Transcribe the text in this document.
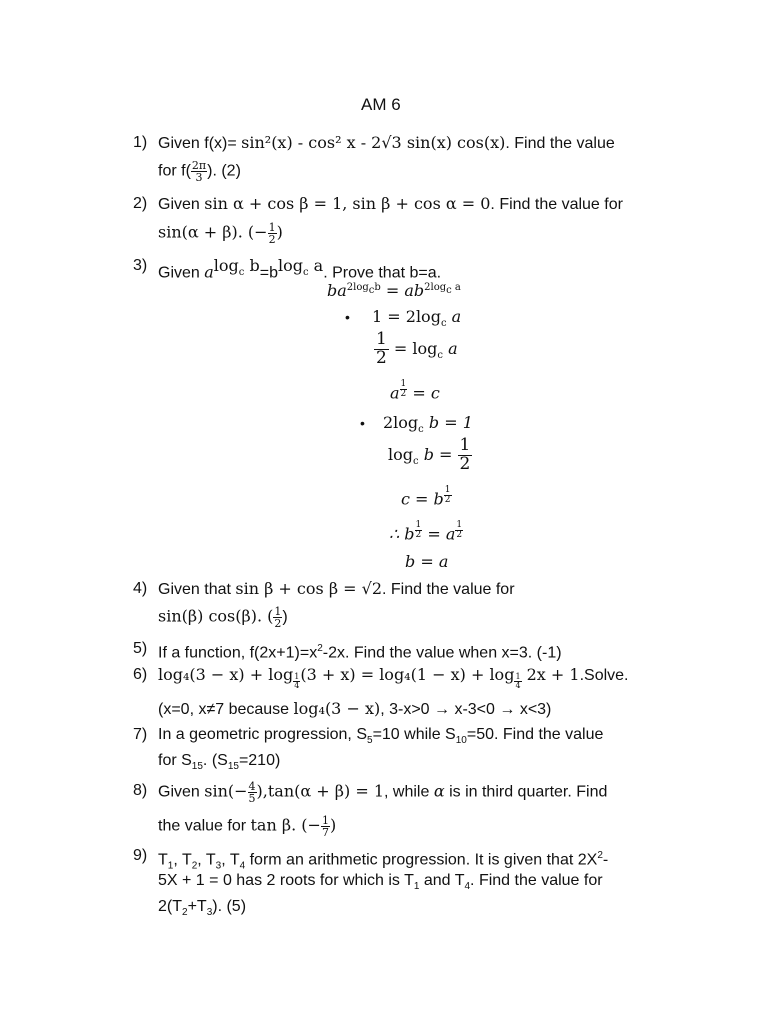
AM 6
1) Given f(x)= sin²(x) - cos² x - 2√3 sin(x) cos(x). Find the value
for $f( \frac{2\pi}{3}$ ). (2)
2) Given sin α + cos β = 1, sin β + cos α = 0. Find the value for
sin(α + β). (− $\frac{1}{2}$ )
3) Given $a^{log_c b}=b^{log_c a}$. Prove that b=a.
$ba^{2log_cb} = ab^{2log_c a}$
• $1 = 2\log_c$ a
$\frac{1}{2} = \log_c a$
a $^{\frac{1}{2}}$ = c
• $2\log_c$ b = 1
$\log_c b = \frac{1}{2}$
c = b $^{\frac{1}{2}}$
∴ b $^{\frac{1}{2}}$ = a $^{\frac{1}{2}}$
b = a
4) Given that sin β + cos β = √2. Find the value for
sin(β) cos(β). ( $\frac{1}{2}$ )
5) If a function, $f(2x+1)=x^2-2x$. Find the value when x=3. (-1)
6) log₄(3 − x) + log $_{\frac{1}{4}}$ (3 + x) = log₄(1 − x) + log $_{\frac{1}{4}}$ 2x + 1.Solve.
(x=0, x≠7 because log₄(3 − x), 3-x>0 → x-3<0 → x<3)
7) In a geometric progression, $S_5=10$ while $S_{10}=50$. Find the value
for $S_{15}$. $(S_{15}=210)$
8) Given $\sin(- \frac{4}{5} ),\tan(\alpha + \beta) = 1$, while α is in third quarter. Find
the value for tan β. (− $\frac{1}{7}$ )
9) $T_1$, $T_2$, $T_3$, $T_4$ form an arithmetic progression. It is given that $2X^2-$
5X + 1 = 0 has 2 roots for which is $T_1$ and $T_4$. Find the value for
$2(T_2+T_3)$. (5)
